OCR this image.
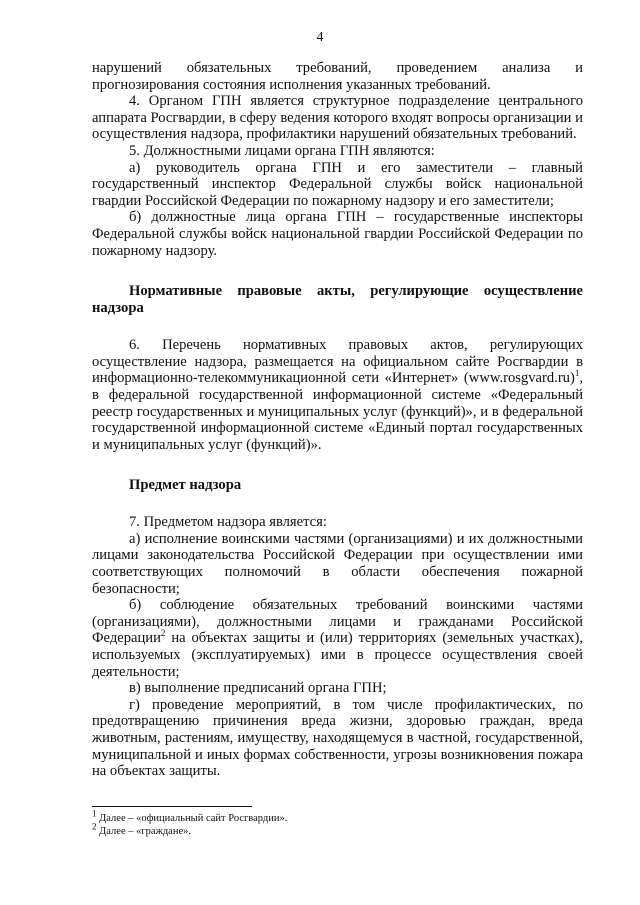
4

нарушений обязательных требований, проведением анализа и прогнозирования состояния исполнения указанных требований.

4. Органом ГПН является структурное подразделение центрального аппарата Росгвардии, в сферу ведения которого входят вопросы организации и осуществления надзора, профилактики нарушений обязательных требований.

5. Должностными лицами органа ГПН являются:

а) руководитель органа ГПН и его заместители – главный государственный инспектор Федеральной службы войск национальной гвардии Российской Федерации по пожарному надзору и его заместители;

б) должностные лица органа ГПН – государственные инспекторы Федеральной службы войск национальной гвардии Российской Федерации по пожарному надзору.

Нормативные правовые акты, регулирующие осуществление надзора

6. Перечень нормативных правовых актов, регулирующих осуществление надзора, размещается на официальном сайте Росгвардии в информационно-телекоммуникационной сети «Интернет» (www.rosgvard.ru)$^1$, в федеральной государственной информационной системе «Федеральный реестр государственных и муниципальных услуг (функций)», и в федеральной государственной информационной системе «Единый портал государственных и муниципальных услуг (функций)».

Предмет надзора

7. Предметом надзора является:

а) исполнение воинскими частями (организациями) и их должностными лицами законодательства Российской Федерации при осуществлении ими соответствующих полномочий в области обеспечения пожарной безопасности;

б) соблюдение обязательных требований воинскими частями (организациями), должностными лицами и гражданами Российской Федерации$^2$ на объектах защиты и (или) территориях (земельных участках), используемых (эксплуатируемых) ими в процессе осуществления своей деятельности;

в) выполнение предписаний органа ГПН;

г) проведение мероприятий, в том числе профилактических, по предотвращению причинения вреда жизни, здоровью граждан, вреда животным, растениям, имуществу, находящемуся в частной, государственной, муниципальной и иных формах собственности, угрозы возникновения пожара на объектах защиты.

$^1$ Далее – «официальный сайт Росгвардии».
$^2$ Далее – «граждане».
